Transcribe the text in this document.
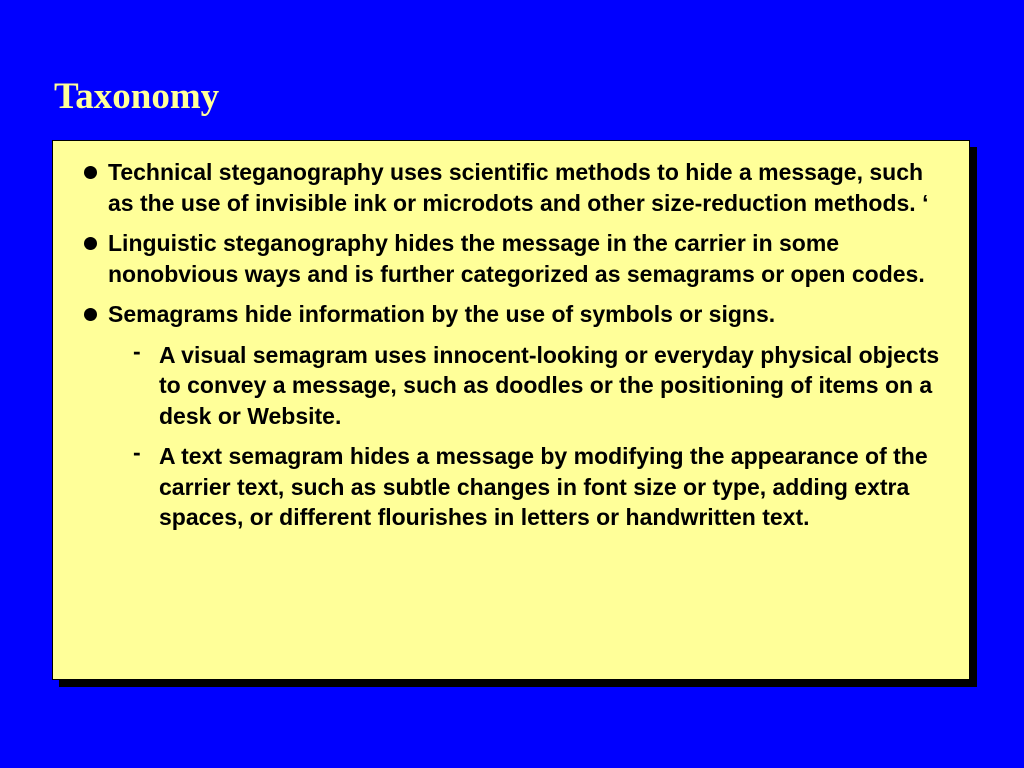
Taxonomy
Technical steganography uses scientific methods to hide a message, such as the use of invisible ink or microdots and other size-reduction methods. ‘
Linguistic steganography hides the message in the carrier in some nonobvious ways and is further categorized as semagrams or open codes.
Semagrams hide information by the use of symbols or signs.
- A visual semagram uses innocent-looking or everyday physical objects to convey a message, such as doodles or the positioning of items on a desk or Website.
- A text semagram hides a message by modifying the appearance of the carrier text, such as subtle changes in font size or type, adding extra spaces, or different flourishes in letters or handwritten text.
